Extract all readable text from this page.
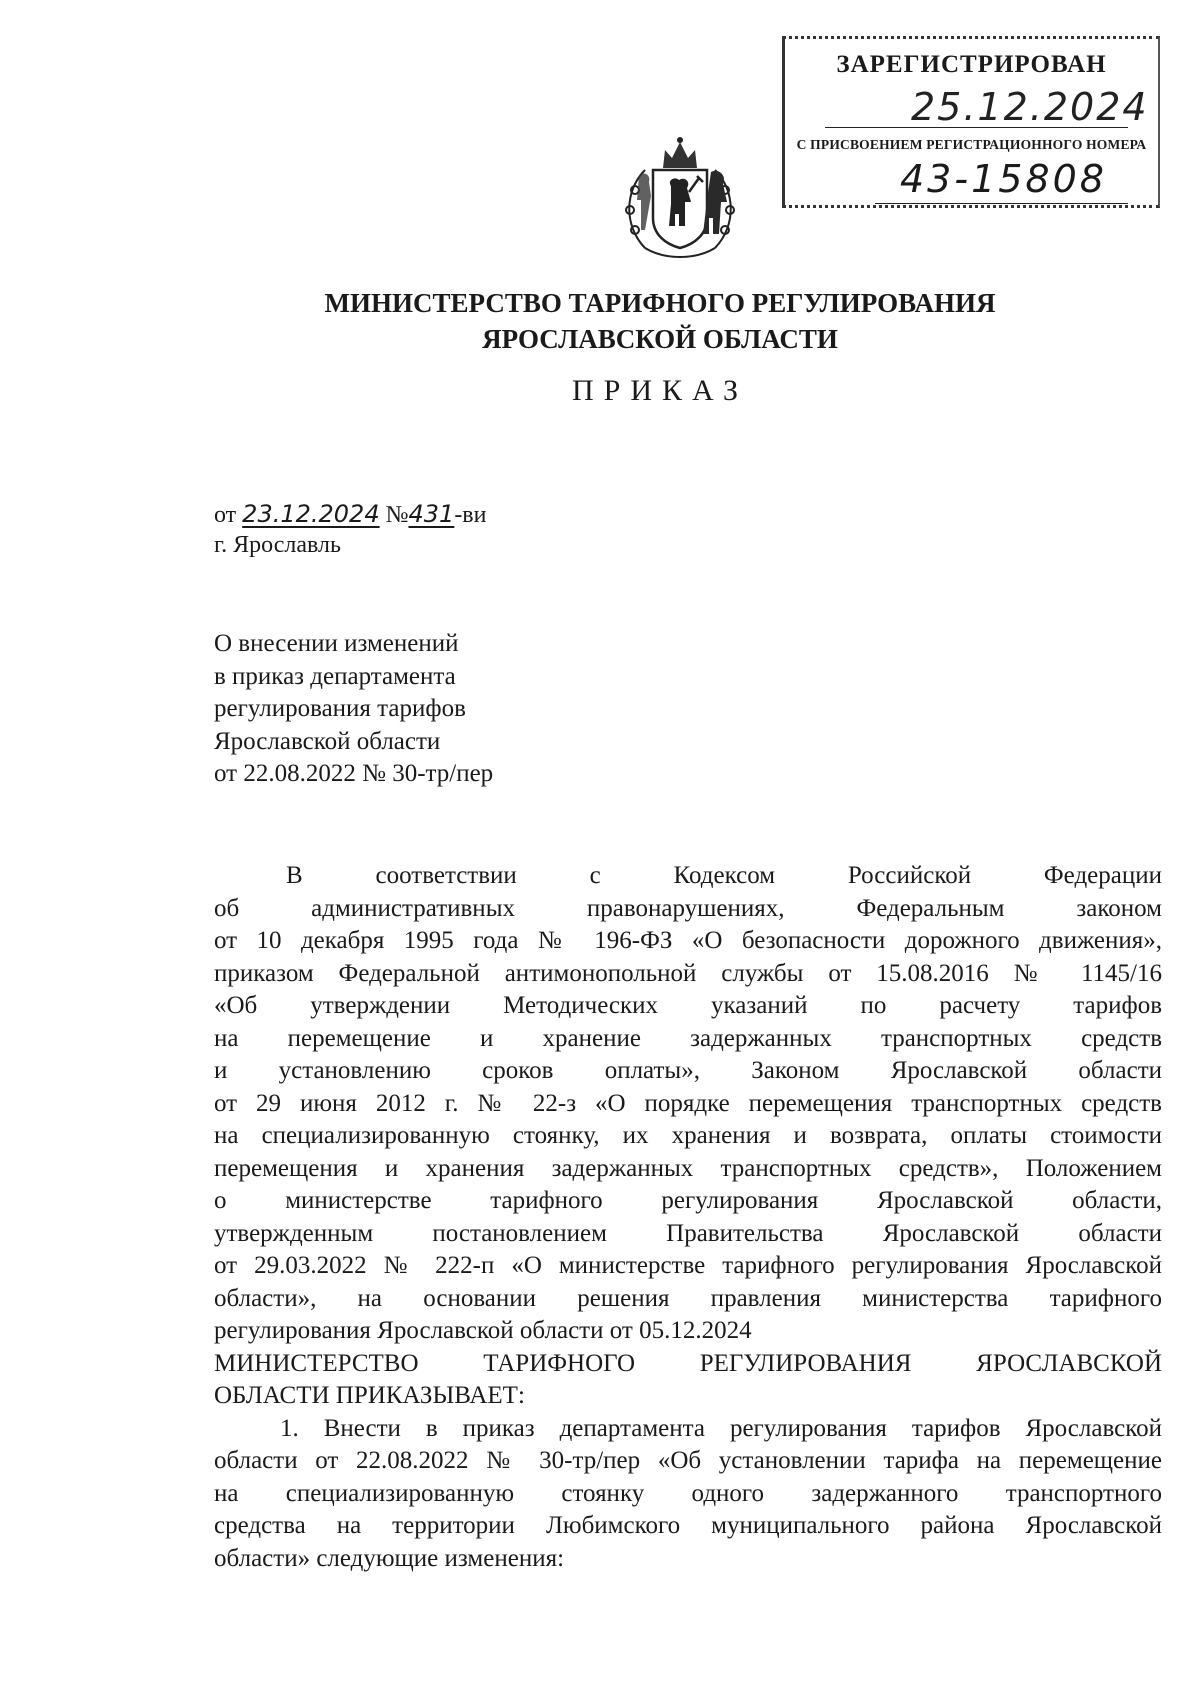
ЗАРЕГИСТРИРОВАН
25.12.2024
С ПРИСВОЕНИЕМ РЕГИСТРАЦИОННОГО НОМЕРА
43-15808
МИНИСТЕРСТВО ТАРИФНОГО РЕГУЛИРОВАНИЯ
ЯРОСЛАВСКОЙ ОБЛАСТИ
ПРИКАЗ
от 23.12.2024 №431-ви
г. Ярославль
О внесении изменений
в приказ департамента
регулирования тарифов
Ярославской области
от 22.08.2022 № 30-тр/пер
В соответствии с Кодексом Российской Федерации
об административных правонарушениях, Федеральным законом
от 10 декабря 1995 года № 196-ФЗ «О безопасности дорожного движения»,
приказом Федеральной антимонопольной службы от 15.08.2016 № 1145/16
«Об утверждении Методических указаний по расчету тарифов
на перемещение и хранение задержанных транспортных средств
и установлению сроков оплаты», Законом Ярославской области
от 29 июня 2012 г. № 22-з «О порядке перемещения транспортных средств
на специализированную стоянку, их хранения и возврата, оплаты стоимости
перемещения и хранения задержанных транспортных средств», Положением
о министерстве тарифного регулирования Ярославской области,
утвержденным постановлением Правительства Ярославской области
от 29.03.2022 № 222-п «О министерстве тарифного регулирования Ярославской
области», на основании решения правления министерства тарифного
регулирования Ярославской области от 05.12.2024
МИНИСТЕРСТВО ТАРИФНОГО РЕГУЛИРОВАНИЯ ЯРОСЛАВСКОЙ
ОБЛАСТИ ПРИКАЗЫВАЕТ:
1. Внести в приказ департамента регулирования тарифов Ярославской
области от 22.08.2022 № 30-тр/пер «Об установлении тарифа на перемещение
на специализированную стоянку одного задержанного транспортного
средства на территории Любимского муниципального района Ярославской
области» следующие изменения:
